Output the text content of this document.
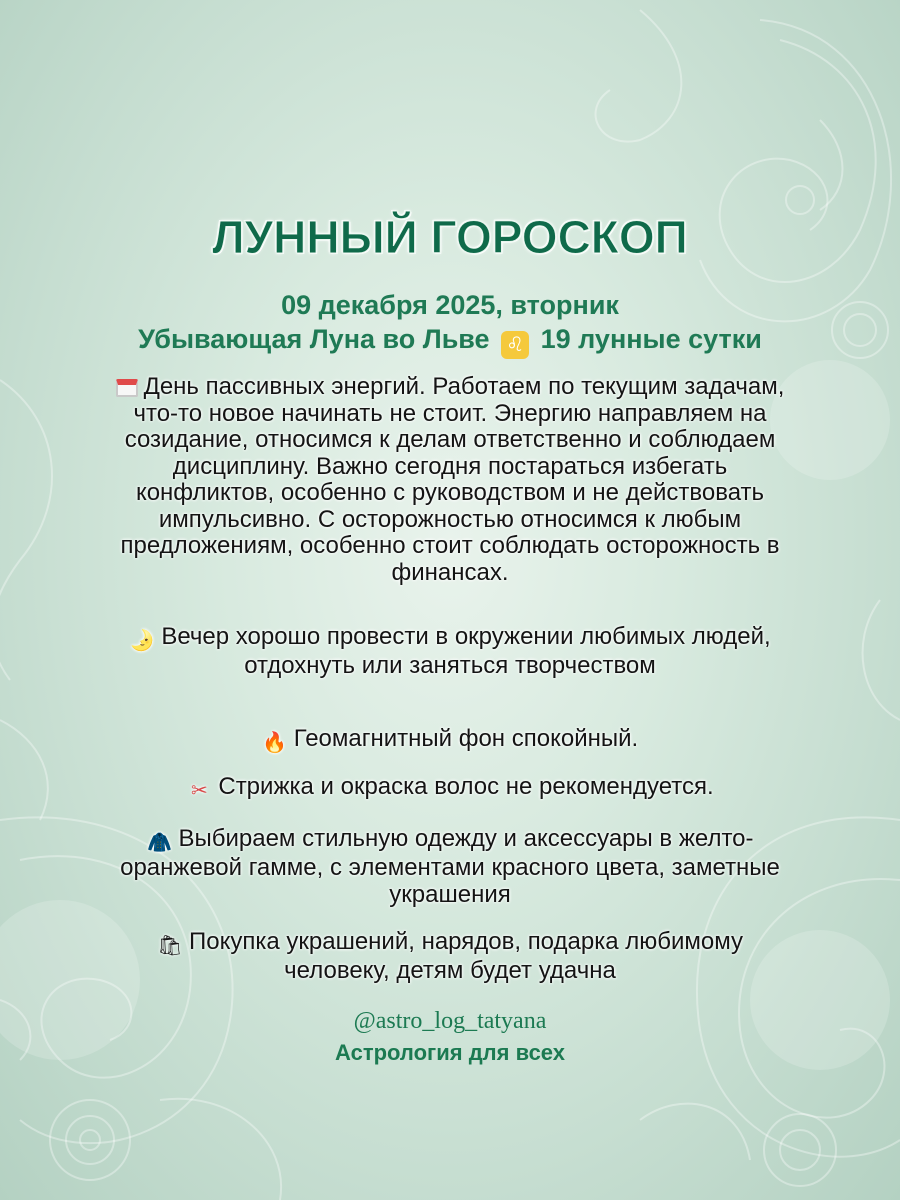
ЛУННЫЙ ГОРОСКОП
09 декабря 2025, вторник
Убывающая Луна во Льве ♌ 19 лунные сутки
День пассивных энергий. Работаем по текущим задачам, что-то новое начинать не стоит. Энергию направляем на созидание, относимся к делам ответственно и соблюдаем дисциплину. Важно сегодня постараться избегать конфликтов, особенно с руководством и не действовать импульсивно. С осторожностью относимся к любым предложениям, особенно стоит соблюдать осторожность в финансах.
🌛 Вечер хорошо провести в окружении любимых людей, отдохнуть или заняться творчеством
🔥 Геомагнитный фон спокойный.
✂ Стрижка и окраска волос не рекомендуется.
🧥 Выбираем стильную одежду и аксессуары в желто-оранжевой гамме, с элементами красного цвета, заметные украшения
🛍 Покупка украшений, нарядов, подарка любимому человеку, детям будет удачна
@astro_log_tatyana
Астрология для всех
